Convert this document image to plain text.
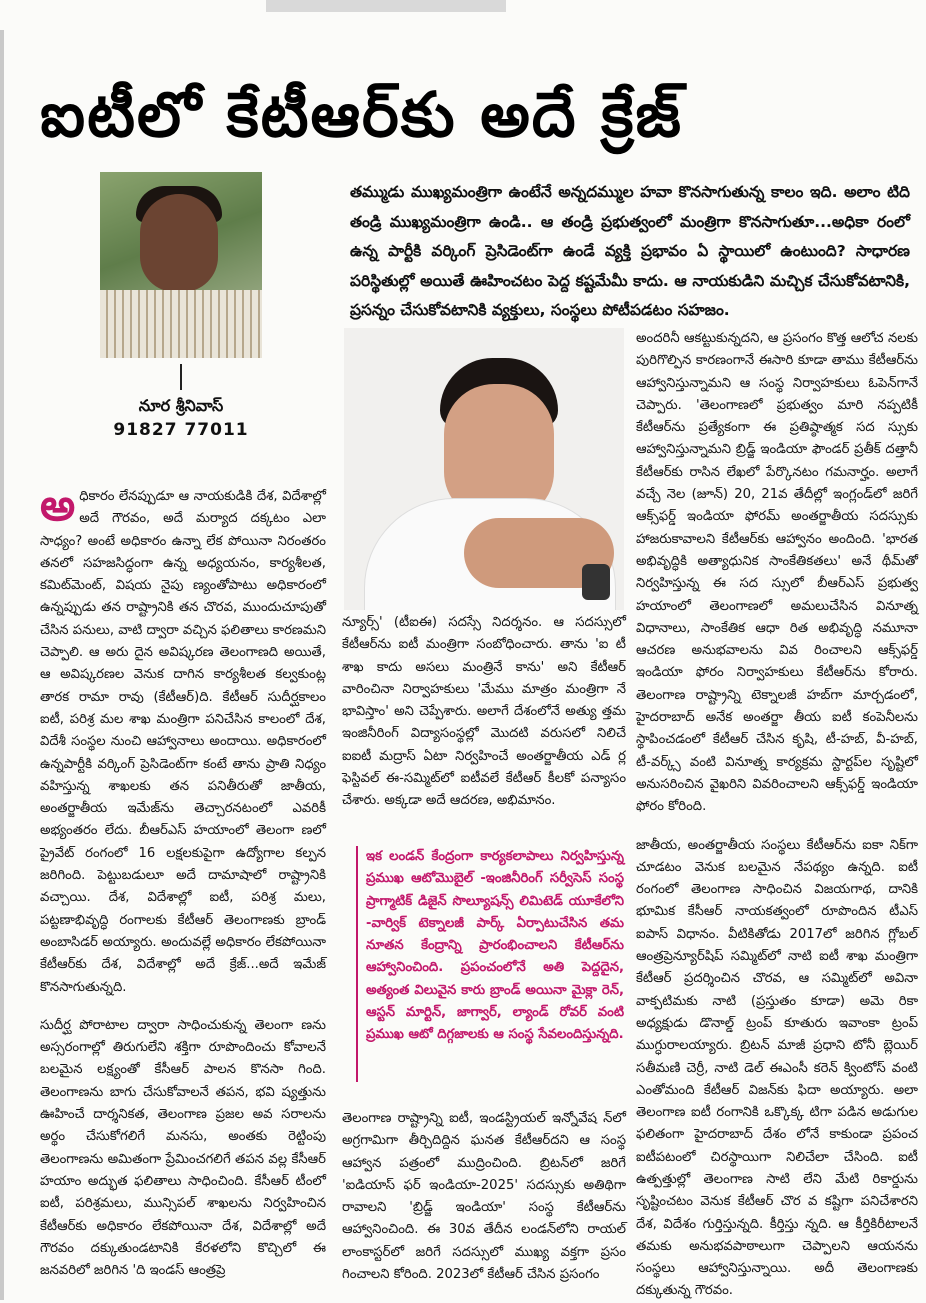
ఐటీలో కేటీఆర్‌కు అదే క్రేజ్
నూర శ్రీనివాస్
91827 77011
తమ్ముడు ముఖ్యమంత్రిగా ఉంటేనే అన్నదమ్ముల హవా కొనసాగుతున్న కాలం ఇది. అలాం టిది తండ్రి ముఖ్యమంత్రిగా ఉండి.. ఆ తండ్రి ప్రభుత్వంలో మంత్రిగా కొనసాగుతూ...అధికా రంలో ఉన్న పార్టీకి వర్కింగ్ ప్రెసిడెంట్‌గా ఉండే వ్యక్తి ప్రభావం ఏ స్థాయిలో ఉంటుంది? సాధారణ పరిస్థితుల్లో అయితే ఊహించటం పెద్ద కష్టమేమీ కాదు. ఆ నాయకుడిని మచ్చిక చేసుకోవటానికి, ప్రసన్నం చేసుకోవటానికి వ్యక్తులు, సంస్థలు పోటీపడటం సహజం.

అధికారం లేనప్పుడూ ఆ నాయకుడికి దేశ, విదేశాల్లో అదే గౌరవం, అదే మర్యాద దక్కటం ఎలా సాధ్యం? అంటే అధికారం ఉన్నా లేక పోయినా నిరంతరం తనలో సహజసిద్ధంగా ఉన్న అధ్యయనం, కార్యశీలత, కమిట్‌మెంట్, విషయ నైపు ణ్యంతోపాటు అధికారంలో ఉన్నప్పుడు తన రాష్ట్రానికి తన చొరవ, ముందుచూపుతో చేసిన పనులు, వాటి ద్వారా వచ్చిన ఫలితాలు కారణమని చెప్పాలి. ఆ అరు దైన అవిష్కరణ తెలంగాణది అయితే, ఆ అవిష్కరణల వెనుక దాగిన కార్యశీలత కల్వకుంట్ల తారక రామా రావు (కేటీఆర్)ది. కేటీఆర్ సుదీర్ఘకాలం ఐటీ, పరిశ్ర మల శాఖ మంత్రిగా పనిచేసిన కాలంలో దేశ, విదేశీ సంస్థల నుంచి ఆహ్వానాలు అందాయి. అధికారంలో ఉన్నపార్టీకి వర్కింగ్ ప్రెసిడెంట్‌గా కంటే తాను ప్రాతి నిధ్యం వహిస్తున్న శాఖలకు తన పనితీరుతో జాతీయ, అంతర్జాతీయ ఇమేజ్‌ను తెచ్చారనటంలో ఎవరికీ అభ్యంతరం లేదు. బీఆర్ఎస్ హయాంలో తెలంగా ణలో ప్రైవేట్ రంగంలో 16 లక్షలకుపైగా ఉద్యోగాల కల్పన జరిగింది. పెట్టుబడులూ అదే దామాషాలో రాష్ట్రానికి వచ్చాయి. దేశ, విదేశాల్లో ఐటీ, పరిశ్ర మలు, పట్టణాభివృద్ధి రంగాలకు కేటీఆర్ తెలంగాణకు బ్రాండ్ అంబాసిడర్ అయ్యారు. అందువల్లే అధికారం లేకపోయినా కేటీఆర్‌కు దేశ, విదేశాల్లో అదే క్రేజ్...అదే ఇమేజ్ కొనసాగుతున్నది.

సుదీర్ఘ పోరాటాల ద్వారా సాధించుకున్న తెలంగా ణను అస్సరంగాల్లో తిరుగులేని శక్తిగా రూపొందించు కోవాలనే బలమైన లక్ష్యంతో కేసీఆర్ పాలన కొనసా గింది. తెలంగాణను బాగు చేసుకోవాలనే తపన, భవి ష్యత్తును ఊహించే దార్శనికత, తెలంగాణ ప్రజల అవ సరాలను అర్థం చేసుకోగలిగే మనసు, అంతకు రెట్టింపు తెలంగాణను అమితంగా ప్రేమించగలిగే తపన వల్ల కేసీఆర్ హయాం అద్భుత ఫలితాలు సాధించింది. కేసీఆర్ టీంలో ఐటీ, పరిశ్రమలు, మున్సిపల్ శాఖలను నిర్వహించిన కేటీఆర్‌కు అధికారం లేకపోయినా దేశ, విదేశాల్లో అదే గౌరవం దక్కుతుండటానికి కేరళలోని కొచ్చిలో ఈ జనవరిలో జరిగిన 'ది ఇండస్ ఆంత్రప్రె

న్యూర్స్' (టీఐఈ) సదస్సే నిదర్శనం. ఆ సదస్సులో కేటీఆర్‌ను ఐటీ మంత్రిగా సంబోధించారు. తాను 'ఐ టీ శాఖ కాదు అసలు మంత్రినే కాను' అని కేటీఆర్ వారించినా నిర్వాహకులు 'మేము మాత్రం మంత్రిగా నే భావిస్తాం' అని చెప్పేశారు. అలాగే దేశంలోనే అత్యు త్తమ ఇంజినీరింగ్ విద్యాసంస్థల్లో మొదటి వరుసలో నిలిచే ఐఐటీ మద్రాస్ ఏటా నిర్వహించే అంతర్జాతీయ ఎడ్ ర్ల ఫెస్టివల్ ఈ-సమ్మిట్‌లో ఐటీవలే కేటీఆర్ కీలకో పన్యాసం చేశారు. అక్కడా అదే ఆదరణ, అభిమానం.
ఇక లండన్ కేంద్రంగా కార్యకలాపాలు నిర్వహిస్తున్న ప్రముఖ ఆటోమొబైల్ -ఇంజినీరింగ్ సర్వీసెస్ సంస్థ ప్రాగ్మాటిక్ డిజైన్ సొల్యూషన్స్ లిమిటెడ్ యూకేలోని -వార్విక్ టెక్నాలజీ పార్క్ ఏర్పాటుచేసిన తమ నూతన కేంద్రాన్ని ప్రారంభించాలని కేటీఆర్‌ను ఆహ్వానించింది. ప్రపంచంలోనే అతి పెద్దదైన, అత్యంత విలువైన కారు బ్రాండ్ అయినా మైక్లా రెన్, ఆస్టన్ మార్టిన్, జాగ్వార్, ల్యాండ్ రోవర్ వంటి ప్రముఖ ఆటో దిగ్గజాలకు ఆ సంస్థ సేవలందిస్తున్నది.
తెలంగాణ రాష్ట్రాన్ని ఐటీ, ఇండస్ట్రియల్ ఇన్నోవేష న్‌లో అగ్రగామిగా తీర్చిదిద్దిన ఘనత కేటీఆర్‌దని ఆ సంస్థ ఆహ్వాన పత్రంలో ముద్రించింది. బ్రిటన్‌లో జరిగే 'ఐడియాస్ ఫర్ ఇండియా-2025' సదస్సుకు అతిథిగా రావాలని 'బ్రిడ్జ్ ఇండియా' సంస్థ కేటీఆర్‌ను ఆహ్వానించింది. ఈ 30వ తేదీన లండన్‌లోని రాయల్ లాంకాస్టర్‌లో జరిగే సదస్సులో ముఖ్య వక్తగా ప్రసం గించాలని కోరింది. 2023లో కేటీఆర్ చేసిన ప్రసంగం

అందరినీ ఆకట్టుకున్నదని, ఆ ప్రసంగం కొత్త ఆలోచ నలకు పురిగొల్పిన కారణంగానే ఈసారి కూడా తాము కేటీఆర్‌ను ఆహ్వానిస్తున్నామని ఆ సంస్థ నిర్వాహకులు ఓపెన్‌గానే చెప్పారు. 'తెలంగాణలో ప్రభుత్వం మారి నప్పటికీ కేటీఆర్‌ను ప్రత్యేకంగా ఈ ప్రతిష్ఠాత్మక సద స్సుకు ఆహ్వానిస్తున్నామని బ్రిడ్జ్ ఇండియా ఫౌండర్ ప్రతీక్ దత్తానీ కేటీఆర్‌కు రాసిన లేఖలో పేర్కొనటం గమనార్హం. అలాగే వచ్చే నెల (జూన్) 20, 21వ తేదీల్లో ఇంగ్లండ్‌లో జరిగే ఆక్స్‌ఫర్డ్ ఇండియా ఫోరమ్ అంతర్జాతీయ సదస్సుకు హాజరుకావాలని కేటీఆర్‌కు ఆహ్వానం అందింది. 'భారత అభివృద్ధికి అత్యాధునిక సాంకేతికతలు' అనే థీమ్‌తో నిర్వహిస్తున్న ఈ సద స్సులో బీఆర్ఎస్ ప్రభుత్వ హయాంలో తెలంగాణలో అమలుచేసిన వినూత్న విధానాలు, సాంకేతిక ఆధా రిత అభివృద్ధి నమూనా ఆచరణ అనుభవాలను వివ రించాలని ఆక్స్‌ఫర్డ్ ఇండియా ఫోరం నిర్వాహకులు కేటీఆర్‌ను కోరారు. తెలంగాణ రాష్ట్రాన్ని టెక్నాలజీ హబ్‌గా మార్చడంలో, హైదరాబాద్ అనేక అంతర్జా తీయ ఐటీ కంపెనీలను స్థాపించడంలో కేటీఆర్ చేసిన కృషి, టీ-హబ్, వీ-హబ్, టీ-వర్క్స్ వంటి వినూత్న కార్యక్రమ స్టార్టప్‌ల సృష్టిలో అనుసరించిన వైఖరిని వివరించాలని ఆక్స్‌ఫర్డ్ ఇండియా ఫోరం కోరింది.

జాతీయ, అంతర్జాతీయ సంస్థలు కేటీఆర్‌ను ఐకా నిక్‌గా చూడటం వెనుక బలమైన నేపథ్యం ఉన్నది. ఐటీ రంగంలో తెలంగాణ సాధించిన విజయగాథ, దానికి భూమిక కేసీఆర్ నాయకత్వంలో రూపొందిన టీఎస్ ఐపాస్ విధానం. వీటికితోడు 2017లో జరిగిన గ్లోబల్ ఆంత్రప్రెన్యూర్‌షిప్ సమ్మిట్‌లో నాటి ఐటీ శాఖ మంత్రిగా కేటీఆర్ ప్రదర్శించిన చొరవ, ఆ సమ్మిట్‌లో అవినా వాక్పటిమకు నాటి (ప్రస్తుతం కూడా) అమె రికా అధ్యక్షుడు డొనాల్డ్ ట్రంప్ కూతురు ఇవాంకా ట్రంప్ ముగ్ధురాలయ్యారు. బ్రిటన్ మాజీ ప్రధాని టోనీ బ్లెయిర్ సతీమణి చెర్రీ, నాటి డెల్ ఈఎంసీ కరెన్ క్వింటోస్ వంటి ఎంతోమంది కేటీఆర్ విజన్‌కు ఫిదా అయ్యారు. అలా తెలంగాణ ఐటీ రంగానికి ఒక్కొక్క టిగా పడిన అడుగుల ఫలితంగా హైదరాబాద్ దేశం లోనే కాకుండా ప్రపంచ ఐటీపటంలో చిరస్థాయిగా నిలిచేలా చేసింది. ఐటీ ఉత్పత్తుల్లో తెలంగాణ సాటి లేని మేటి రికార్డును సృష్టించటం వెనుక కేటీఆర్ చొర వ కష్టిగా పనిచేశారని దేశ, విదేశం గుర్తిస్తున్నది. కీర్తిస్తు న్నది. ఆ కీర్తికిరీటాలనే తమకు అనుభవపాఠాలుగా చెప్పాలని ఆయనను సంస్థలు ఆహ్వానిస్తున్నాయి. అదీ తెలంగాణకు దక్కుతున్న గౌరవం.
